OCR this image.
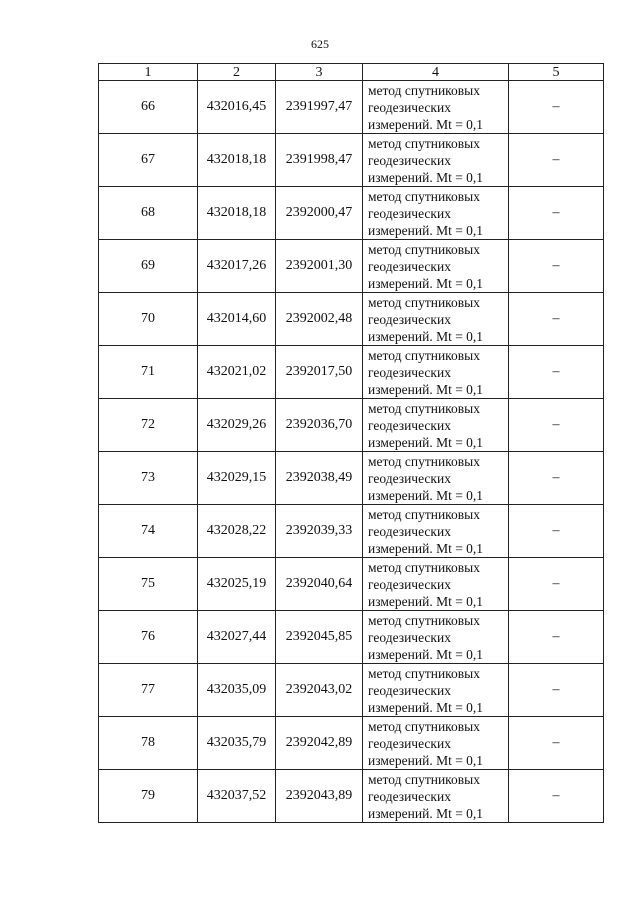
625
1	2	3	4	5
66	432016,45	2391997,47	метод спутниковых
геодезических
измерений. Mt = 0,1	–
67	432018,18	2391998,47	метод спутниковых
геодезических
измерений. Mt = 0,1	–
68	432018,18	2392000,47	метод спутниковых
геодезических
измерений. Mt = 0,1	–
69	432017,26	2392001,30	метод спутниковых
геодезических
измерений. Mt = 0,1	–
70	432014,60	2392002,48	метод спутниковых
геодезических
измерений. Mt = 0,1	–
71	432021,02	2392017,50	метод спутниковых
геодезических
измерений. Mt = 0,1	–
72	432029,26	2392036,70	метод спутниковых
геодезических
измерений. Mt = 0,1	–
73	432029,15	2392038,49	метод спутниковых
геодезических
измерений. Mt = 0,1	–
74	432028,22	2392039,33	метод спутниковых
геодезических
измерений. Mt = 0,1	–
75	432025,19	2392040,64	метод спутниковых
геодезических
измерений. Mt = 0,1	–
76	432027,44	2392045,85	метод спутниковых
геодезических
измерений. Mt = 0,1	–
77	432035,09	2392043,02	метод спутниковых
геодезических
измерений. Mt = 0,1	–
78	432035,79	2392042,89	метод спутниковых
геодезических
измерений. Mt = 0,1	–
79	432037,52	2392043,89	метод спутниковых
геодезических
измерений. Mt = 0,1	–
